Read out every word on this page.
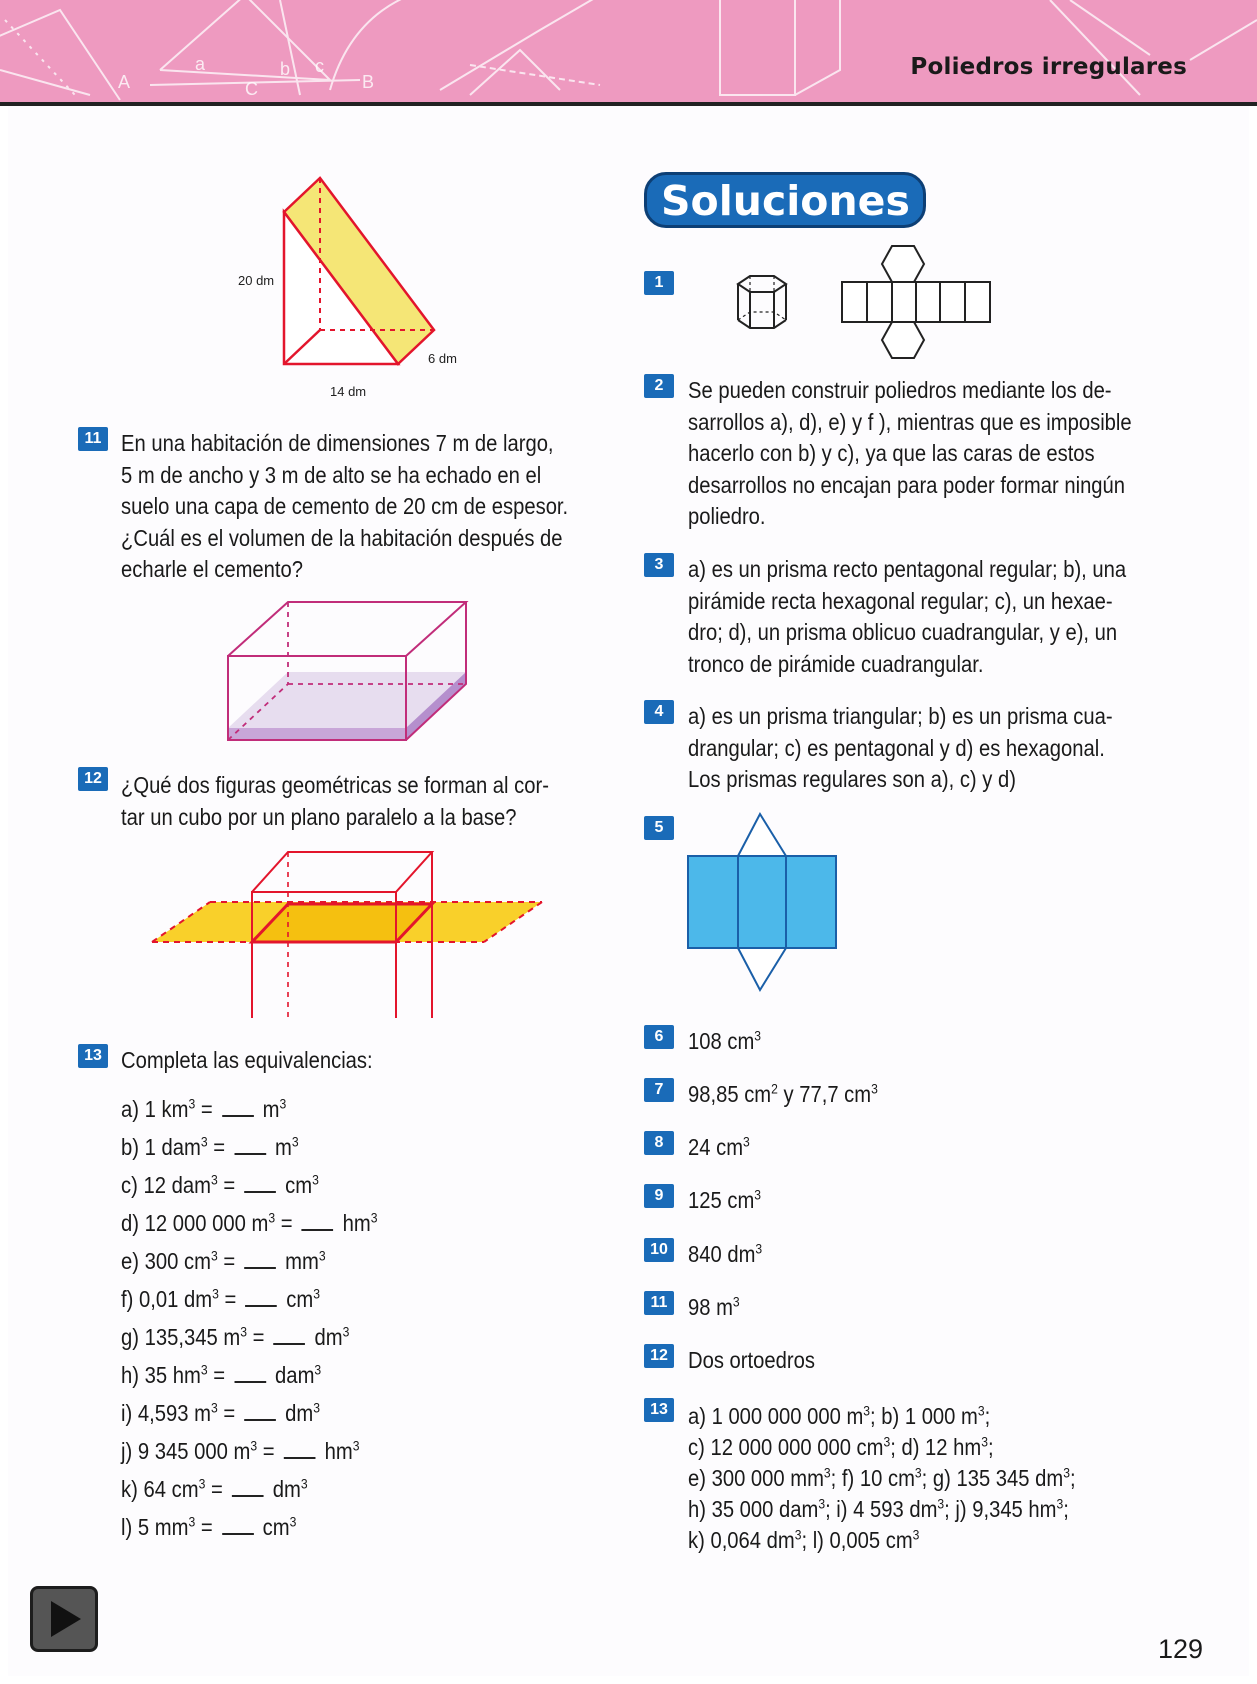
A	B
C
a	b c	Poliedros irregulares
20 dm
14 dm
6 dm
11 En una habitación de dimensiones 7 m de largo,
5 m de ancho y 3 m de alto se ha echado en el
suelo una capa de cemento de 20 cm de espesor.
¿Cuál es el volumen de la habitación después de
echarle el cemento?
12 ¿Qué dos figuras geométricas se forman al cor-
tar un cubo por un plano paralelo a la base?
13 Completa las equivalencias:
a) 1 $km^3 = m^3$
b) 1 $dam^3 = m^3$
c) 12 $dam^3 = cm^3$
d) 12 000 000 $m^3 = hm^3$
e) 300 $cm^3 = mm^3$
f) 0,01 $dm^3 = cm^3$
g) 135,345 $m^3 = dm^3$
h) 35 $hm^3 = dam^3$
i) 4,593 $m^3 = dm^3$
j) 9 345 000 $m^3 = hm^3$
k) 64 $cm^3 = dm^3$
l) 5 $mm^3 = cm^3$
Soluciones
1
2	Se pueden construir poliedros mediante los de-
sarrollos a), d), e) y f ), mientras que es imposible
hacerlo con b) y c), ya que las caras de estos
desarrollos no encajan para poder formar ningún
poliedro.
3	a) es un prisma recto pentagonal regular; b), una
pirámide recta hexagonal regular; c), un hexae-
dro; d), un prisma oblicuo cuadrangular, y e), un
tronco de pirámide cuadrangular.
4	a) es un prisma triangular; b) es un prisma cua-
drangular; c) es pentagonal y d) es hexagonal.
Los prismas regulares son a), c) y d)
5
6	108 $cm^3$
7	98,85 $cm^2$ y 77,7 $cm^3$
8	24 $cm^3$
9	125 $cm^3$
10 840 $dm^3$
11 98 $m^3$
12 Dos ortoedros
13 a) 1 000 000 000 $m^3$; b) 1 000 $m^3$;
c) 12 000 000 000 $cm^3$; d) 12 $hm^3$;
e) 300 000 $mm^3$; f) 10 $cm^3$; g) 135 345 $dm^3$;
h) 35 000 dam$^3$; i) 4 593 $dm^3$; j) 9,345 $hm^3$;
k) 0,064 $dm^3$; l) 0,005 $cm^3$
129
